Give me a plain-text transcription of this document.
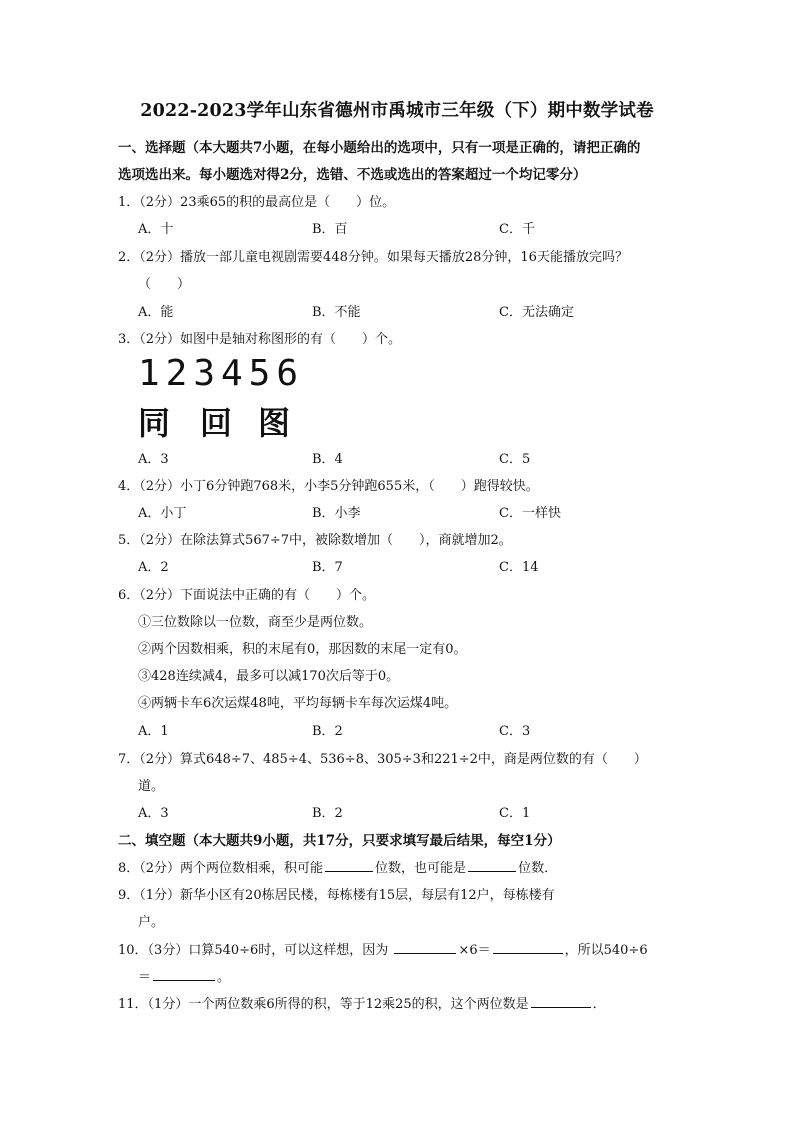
2022-2023学年山东省德州市禹城市三年级（下）期中数学试卷
一、选择题（本大题共7小题，在每小题给出的选项中，只有一项是正确的，请把正确的
选项选出来。每小题选对得2分，选错、不选或选出的答案超过一个均记零分）
1．（2分）23乘65的积的最高位是（　　）位。
A．十	B．百	C．千
2．（2分）播放一部儿童电视剧需要448分钟。如果每天播放28分钟，16天能播放完吗？
（　　）
A．能	B．不能	C．无法确定
3．（2分）如图中是轴对称图形的有（　　）个。
123456
同 回 图
A．3	B．4	C．5
4．（2分）小丁6分钟跑768米，小李5分钟跑655米，（　　）跑得较快。
A．小丁	B．小李	C．一样快
5．（2分）在除法算式567÷7中，被除数增加（　　），商就增加2。
A．2	B．7	C．14
6．（2分）下面说法中正确的有（　　）个。
①三位数除以一位数，商至少是两位数。
②两个因数相乘，积的末尾有0，那因数的末尾一定有0。
③428连续减4，最多可以减170次后等于0。
④两辆卡车6次运煤48吨，平均每辆卡车每次运煤4吨。
A．1	B．2	C．3
7．（2分）算式648÷7、485÷4、536÷8、305÷3和221÷2中，商是两位数的有（　　）
道。
A．3	B．2	C．1
二、填空题（本大题共9小题，共17分，只要求填写最后结果，每空1分）
8．（2分）两个两位数相乘，积可能	位数，也可能是	位数．
9．（1分）新华小区有20栋居民楼，每栋楼有15层，每层有12户，每栋楼有
户。
10．（3分）口算540÷6时，可以这样想，因为	×6＝	，所以540÷6
＝	。
11．（1分）一个两位数乘6所得的积，等于12乘25的积，这个两位数是	．
